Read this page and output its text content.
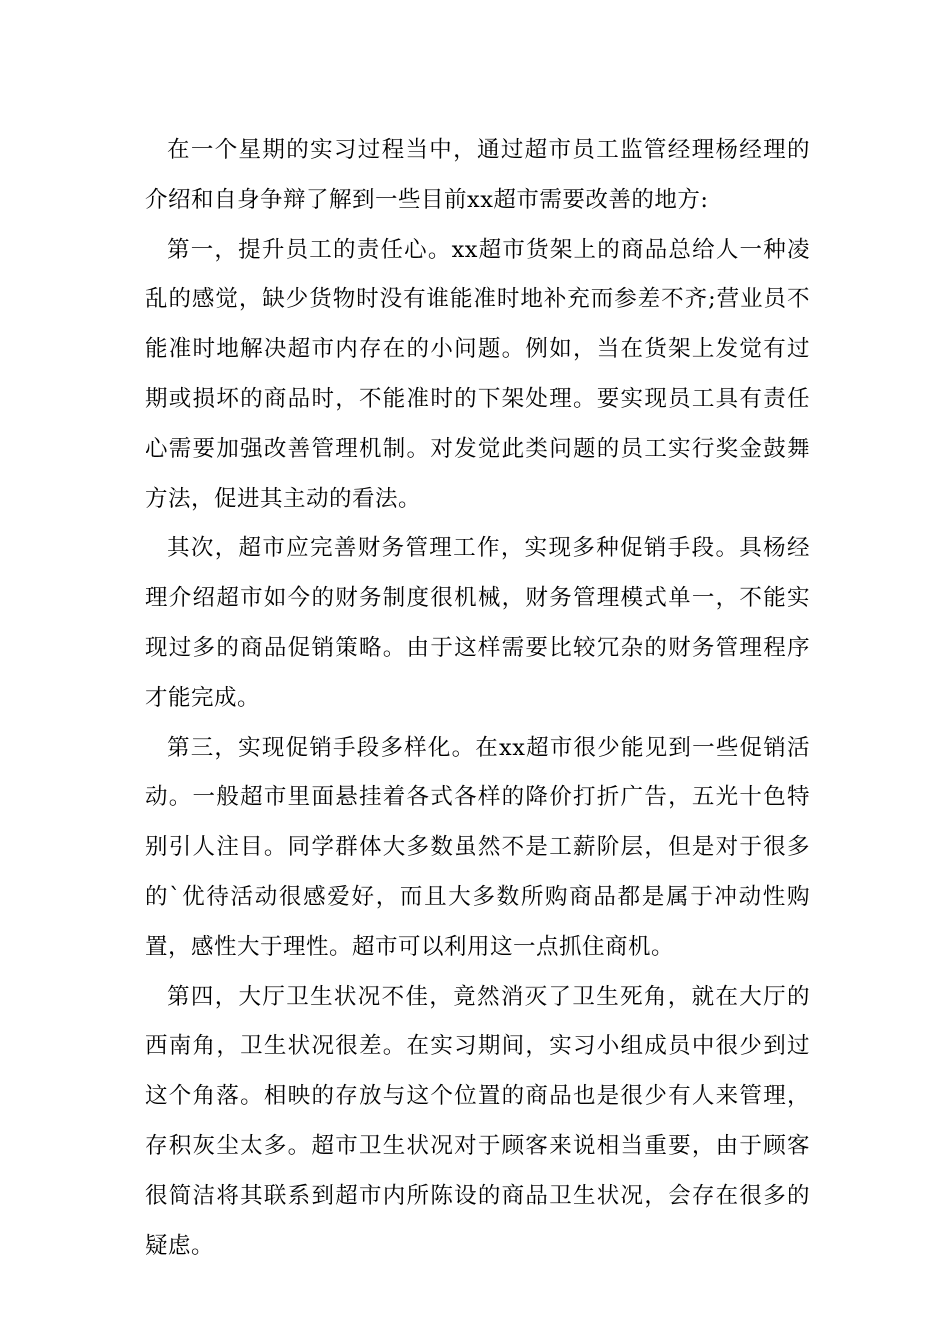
在一个星期的实习过程当中，通过超市员工监管经理杨经理的介绍和自身争辩了解到一些目前xx超市需要改善的地方:

第一，提升员工的责任心。xx超市货架上的商品总给人一种凌乱的感觉，缺少货物时没有谁能准时地补充而参差不齐;营业员不能准时地解决超市内存在的小问题。例如，当在货架上发觉有过期或损坏的商品时，不能准时的下架处理。要实现员工具有责任心需要加强改善管理机制。对发觉此类问题的员工实行奖金鼓舞方法，促进其主动的看法。

其次，超市应完善财务管理工作，实现多种促销手段。具杨经理介绍超市如今的财务制度很机械，财务管理模式单一，不能实现过多的商品促销策略。由于这样需要比较冗杂的财务管理程序才能完成。

第三，实现促销手段多样化。在xx超市很少能见到一些促销活动。一般超市里面悬挂着各式各样的降价打折广告，五光十色特别引人注目。同学群体大多数虽然不是工薪阶层，但是对于很多的`优待活动很感爱好，而且大多数所购商品都是属于冲动性购置，感性大于理性。超市可以利用这一点抓住商机。

第四，大厅卫生状况不佳，竟然消灭了卫生死角，就在大厅的西南角，卫生状况很差。在实习期间，实习小组成员中很少到过这个角落。相映的存放与这个位置的商品也是很少有人来管理，存积灰尘太多。超市卫生状况对于顾客来说相当重要，由于顾客很简洁将其联系到超市内所陈设的商品卫生状况，会存在很多的疑虑。
